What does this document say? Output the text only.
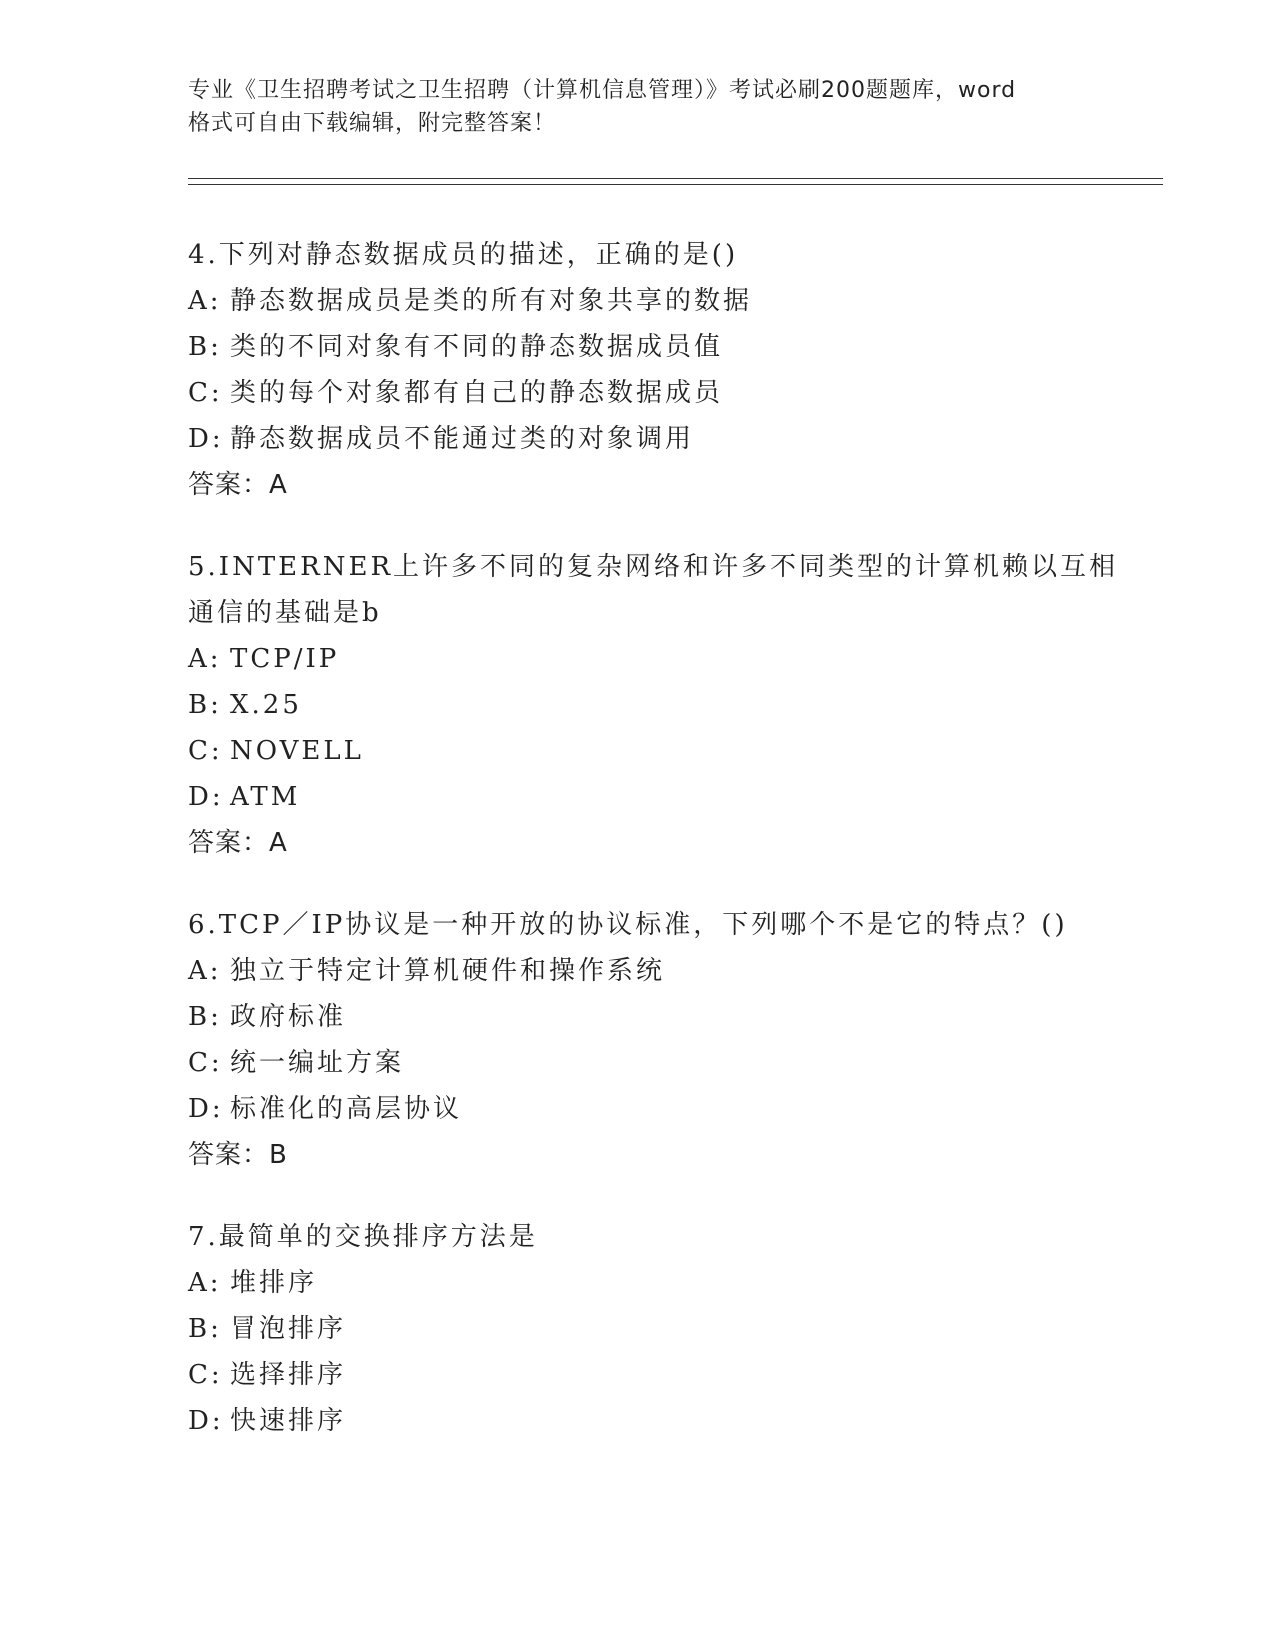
专业《卫生招聘考试之卫生招聘（计算机信息管理）》考试必刷200题题库，word

格式可自由下载编辑，附完整答案！

4.下列对静态数据成员的描述，正确的是()
A: 静态数据成员是类的所有对象共享的数据
B: 类的不同对象有不同的静态数据成员值
C: 类的每个对象都有自己的静态数据成员
D: 静态数据成员不能通过类的对象调用
答案：A
5.INTERNER上许多不同的复杂网络和许多不同类型的计算机赖以互相
通信的基础是b
A: TCP/IP
B: X.25
C: NOVELL
D: ATM
答案：A
6.TCP／IP协议是一种开放的协议标准，下列哪个不是它的特点？()
A: 独立于特定计算机硬件和操作系统
B: 政府标准
C: 统一编址方案
D: 标准化的高层协议
答案：B
7.最简单的交换排序方法是
A: 堆排序
B: 冒泡排序
C: 选择排序
D: 快速排序
